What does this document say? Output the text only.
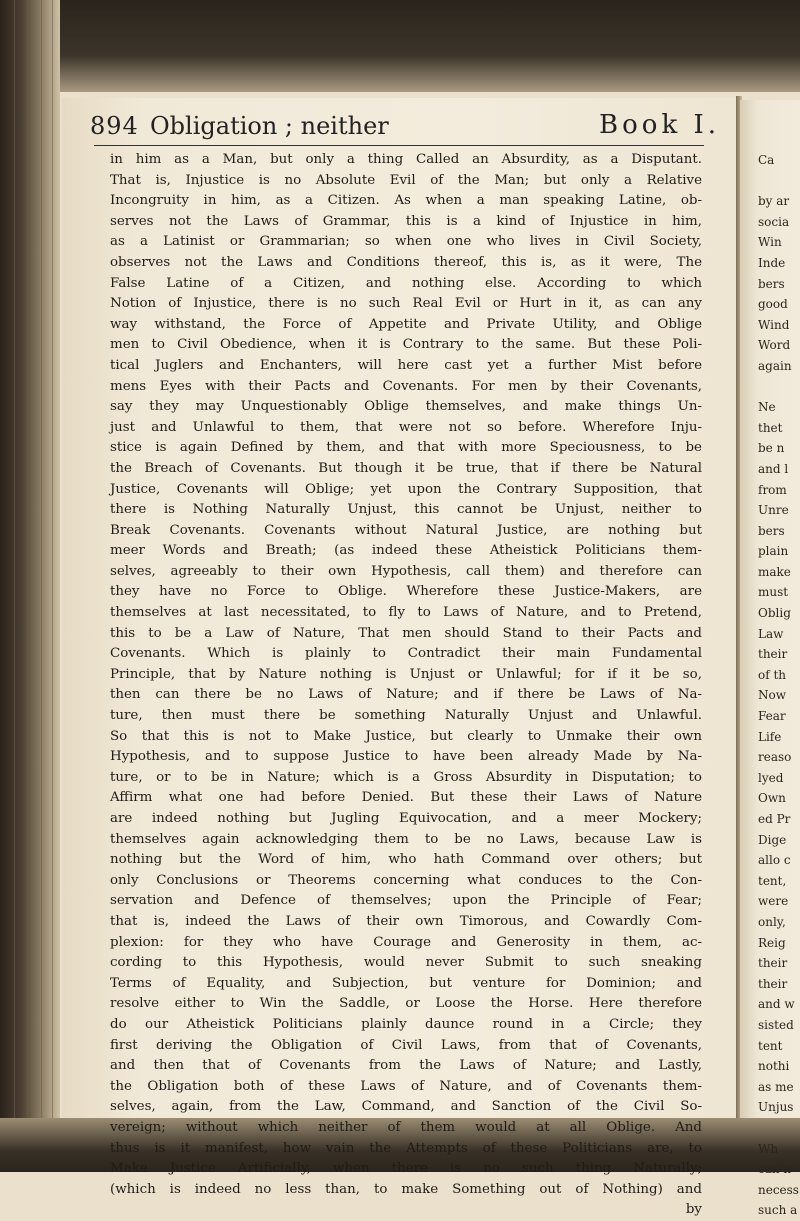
894 Obligation ; neither	Book I.
in him as a Man, but only a thing Called an Absurdity, as a Disputant.
That is, Injustice is no Absolute Evil of the Man; but only a Relative
Incongruity in him, as a Citizen. As when a man speaking Latine, ob-
serves not the Laws of Grammar, this is a kind of Injustice in him,
as a Latinist or Grammarian; so when one who lives in Civil Society,
observes not the Laws and Conditions thereof, this is, as it were, The
False Latine of a Citizen, and nothing else. According to which
Notion of Injustice, there is no such Real Evil or Hurt in it, as can any
way withstand, the Force of Appetite and Private Utility, and Oblige
men to Civil Obedience, when it is Contrary to the same. But these Poli-
tical Juglers and Enchanters, will here cast yet a further Mist before
mens Eyes with their Pacts and Covenants. For men by their Covenants,
say they may Unquestionably Oblige themselves, and make things Un-
just and Unlawful to them, that were not so before. Wherefore Inju-
stice is again Defined by them, and that with more Speciousness, to be
the Breach of Covenants. But though it be true, that if there be Natural
Justice, Covenants will Oblige; yet upon the Contrary Supposition, that
there is Nothing Naturally Unjust, this cannot be Unjust, neither to
Break Covenants. Covenants without Natural Justice, are nothing but
meer Words and Breath; (as indeed these Atheistick Politicians them-
selves, agreeably to their own Hypothesis, call them) and therefore can
they have no Force to Oblige. Wherefore these Justice-Makers, are
themselves at last necessitated, to fly to Laws of Nature, and to Pretend,
this to be a Law of Nature, That men should Stand to their Pacts and
Covenants. Which is plainly to Contradict their main Fundamental
Principle, that by Nature nothing is Unjust or Unlawful; for if it be so,
then can there be no Laws of Nature; and if there be Laws of Na-
ture, then must there be something Naturally Unjust and Unlawful.
So that this is not to Make Justice, but clearly to Unmake their own
Hypothesis, and to suppose Justice to have been already Made by Na-
ture, or to be in Nature; which is a Gross Absurdity in Disputation; to
Affirm what one had before Denied. But these their Laws of Nature
are indeed nothing but Jugling Equivocation, and a meer Mockery;
themselves again acknowledging them to be no Laws, because Law is
nothing but the Word of him, who hath Command over others; but
only Conclusions or Theorems concerning what conduces to the Con-
servation and Defence of themselves; upon the Principle of Fear;
that is, indeed the Laws of their own Timorous, and Cowardly Com-
plexion: for they who have Courage and Generosity in them, ac-
cording to this Hypothesis, would never Submit to such sneaking
Terms of Equality, and Subjection, but venture for Dominion; and
resolve either to Win the Saddle, or Loose the Horse. Here therefore
do our Atheistick Politicians plainly daunce round in a Circle; they
first deriving the Obligation of Civil Laws, from that of Covenants,
and then that of Covenants from the Laws of Nature; and Lastly,
the Obligation both of these Laws of Nature, and of Covenants them-
selves, again, from the Law, Command, and Sanction of the Civil So-
vereign; without which neither of them would at all Oblige. And
thus is it manifest, how vain the Attempts of these Politicians are, to
Make Justice Artificially, when there is no such thing Naturally;
(which is indeed no less than, to make Something out of Nothing) and
by
Ca
by ar
socia
Win
Inde
bers
good
Wind
Word
again
Ne
thet
be n
and l
from
Unre
bers
plain
make
must
Oblig
Law
their
of th
Now
Fear
Life
reaso
lyed
Own
ed Pr
Dige
allo c
tent,
were
only,
Reig
their
their
and w
sisted
tent
nothi
as me
Unjus
Wh
can n
necess
such a
